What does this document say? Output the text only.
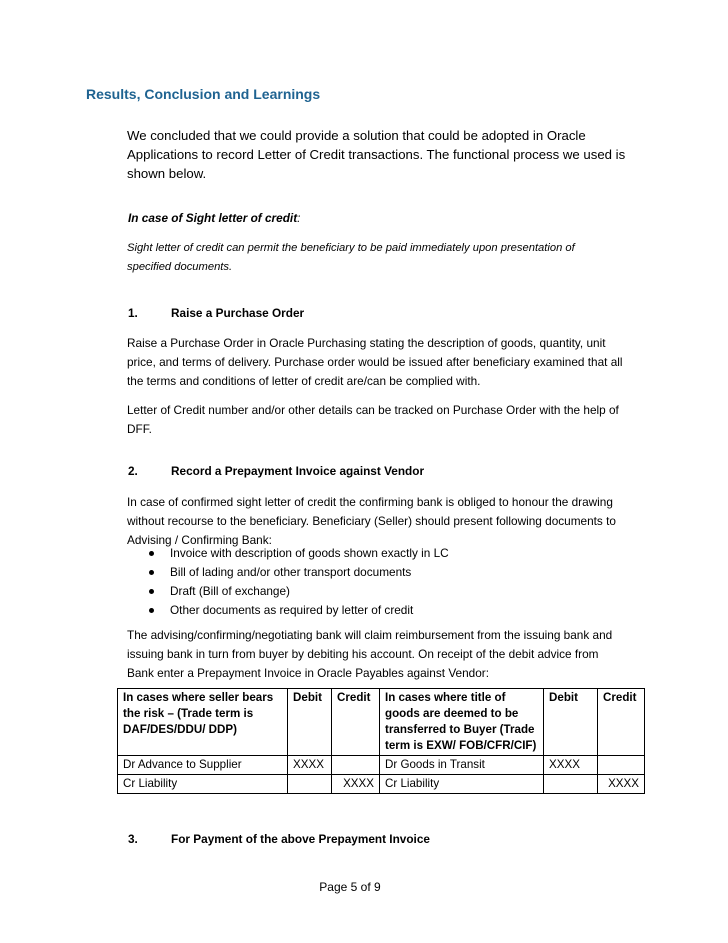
Results, Conclusion and Learnings
We concluded that we could provide a solution that could be adopted in Oracle
Applications to record Letter of Credit transactions. The functional process we used is
shown below.
In case of Sight letter of credit:
Sight letter of credit can permit the beneficiary to be paid immediately upon presentation of
specified documents.
1.	Raise a Purchase Order
Raise a Purchase Order in Oracle Purchasing stating the description of goods, quantity, unit
price, and terms of delivery. Purchase order would be issued after beneficiary examined that all
the terms and conditions of letter of credit are/can be complied with.
Letter of Credit number and/or other details can be tracked on Purchase Order with the help of
DFF.
2.	Record a Prepayment Invoice against Vendor
In case of confirmed sight letter of credit the confirming bank is obliged to honour the drawing
without recourse to the beneficiary. Beneficiary (Seller) should present following documents to
Advising / Confirming Bank:
Invoice with description of goods shown exactly in LC
Bill of lading and/or other transport documents
Draft (Bill of exchange)
Other documents as required by letter of credit
The advising/confirming/negotiating bank will claim reimbursement from the issuing bank and
issuing bank in turn from buyer by debiting his account. On receipt of the debit advice from
Bank enter a Prepayment Invoice in Oracle Payables against Vendor:
In cases where seller bears the risk – (Trade term is DAF/DES/DDU/ DDP)	Debit	Credit	In cases where title of goods are deemed to be transferred to Buyer (Trade term is EXW/ FOB/CFR/CIF)	Debit	Credit
Dr Advance to Supplier	XXXX		Dr Goods in Transit	XXXX	
Cr Liability		XXXX	Cr Liability		XXXX
3.	For Payment of the above Prepayment Invoice
Page 5 of 9
